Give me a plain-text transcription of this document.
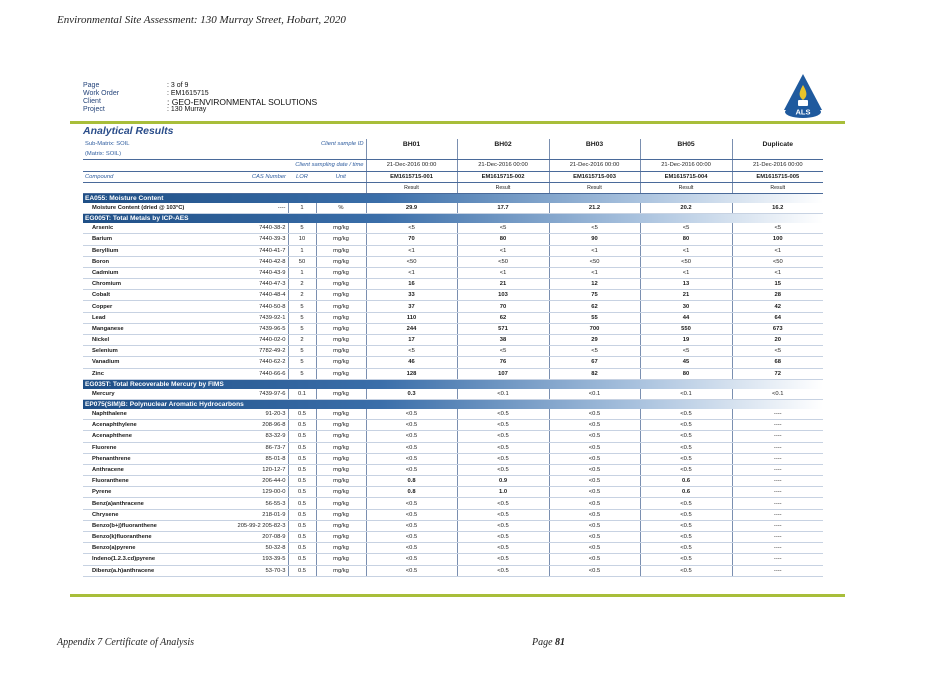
Environmental Site Assessment: 130 Murray Street, Hobart, 2020
Page	: 3 of 9
Work Order	: EM1615715
Client	: GEO-ENVIRONMENTAL SOLUTIONS
Project	: 130 Murray	ALS
Analytical Results
Sub-Matrix: SOIL	Client sample ID			BH01	BH02	BH03	BH05	Duplicate
(Matrix: SOIL)								
	Client sampling date / time			21-Dec-2016 00:00	21-Dec-2016 00:00	21-Dec-2016 00:00	21-Dec-2016 00:00	21-Dec-2016 00:00
Compound	CAS Number	LOR	Unit	EM1615715-001	EM1615715-002	EM1615715-003	EM1615715-004	EM1615715-005
				Result	Result	Result	Result	Result
EA055: Moisture Content								
Moisture Content (dried @ 103°C)	----	1	%	29.9	17.7	21.2	20.2	16.2
EG005T: Total Metals by ICP-AES								
Arsenic	7440-38-2	5	mg/kg	<5	<5	<5	<5	<5
Barium	7440-39-3	10	mg/kg	70	80	90	80	100
Beryllium	7440-41-7	1	mg/kg	<1	<1	<1	<1	<1
Boron	7440-42-8	50	mg/kg	<50	<50	<50	<50	<50
Cadmium	7440-43-9	1	mg/kg	<1	<1	<1	<1	<1
Chromium	7440-47-3	2	mg/kg	16	21	12	13	15
Cobalt	7440-48-4	2	mg/kg	33	103	75	21	28
Copper	7440-50-8	5	mg/kg	37	70	62	30	42
Lead	7439-92-1	5	mg/kg	110	62	55	44	64
Manganese	7439-96-5	5	mg/kg	244	571	700	550	673
Nickel	7440-02-0	2	mg/kg	17	38	29	19	20
Selenium	7782-49-2	5	mg/kg	<5	<5	<5	<5	<5
Vanadium	7440-62-2	5	mg/kg	46	76	67	45	68
Zinc	7440-66-6	5	mg/kg	128	107	82	80	72
EG035T: Total Recoverable Mercury by FIMS								
Mercury	7439-97-6	0.1	mg/kg	0.3	<0.1	<0.1	<0.1	<0.1
EP075(SIM)B: Polynuclear Aromatic Hydrocarbons								
Naphthalene	91-20-3	0.5	mg/kg	<0.5	<0.5	<0.5	<0.5	----
Acenaphthylene	208-96-8	0.5	mg/kg	<0.5	<0.5	<0.5	<0.5	----
Acenaphthene	83-32-9	0.5	mg/kg	<0.5	<0.5	<0.5	<0.5	----
Fluorene	86-73-7	0.5	mg/kg	<0.5	<0.5	<0.5	<0.5	----
Phenanthrene	85-01-8	0.5	mg/kg	<0.5	<0.5	<0.5	<0.5	----
Anthracene	120-12-7	0.5	mg/kg	<0.5	<0.5	<0.5	<0.5	----
Fluoranthene	206-44-0	0.5	mg/kg	0.8	0.9	<0.5	0.6	----
Pyrene	129-00-0	0.5	mg/kg	0.8	1.0	<0.5	0.6	----
Benz(a)anthracene	56-55-3	0.5	mg/kg	<0.5	<0.5	<0.5	<0.5	----
Chrysene	218-01-9	0.5	mg/kg	<0.5	<0.5	<0.5	<0.5	----
Benzo(b+j)fluoranthene	205-99-2 205-82-3	0.5	mg/kg	<0.5	<0.5	<0.5	<0.5	----
Benzo(k)fluoranthene	207-08-9	0.5	mg/kg	<0.5	<0.5	<0.5	<0.5	----
Benzo(a)pyrene	50-32-8	0.5	mg/kg	<0.5	<0.5	<0.5	<0.5	----
Indeno(1.2.3.cd)pyrene	193-39-5	0.5	mg/kg	<0.5	<0.5	<0.5	<0.5	----
Dibenz(a.h)anthracene	53-70-3	0.5	mg/kg	<0.5	<0.5	<0.5	<0.5	----
Appendix 7 Certificate of Analysis	Page 81
